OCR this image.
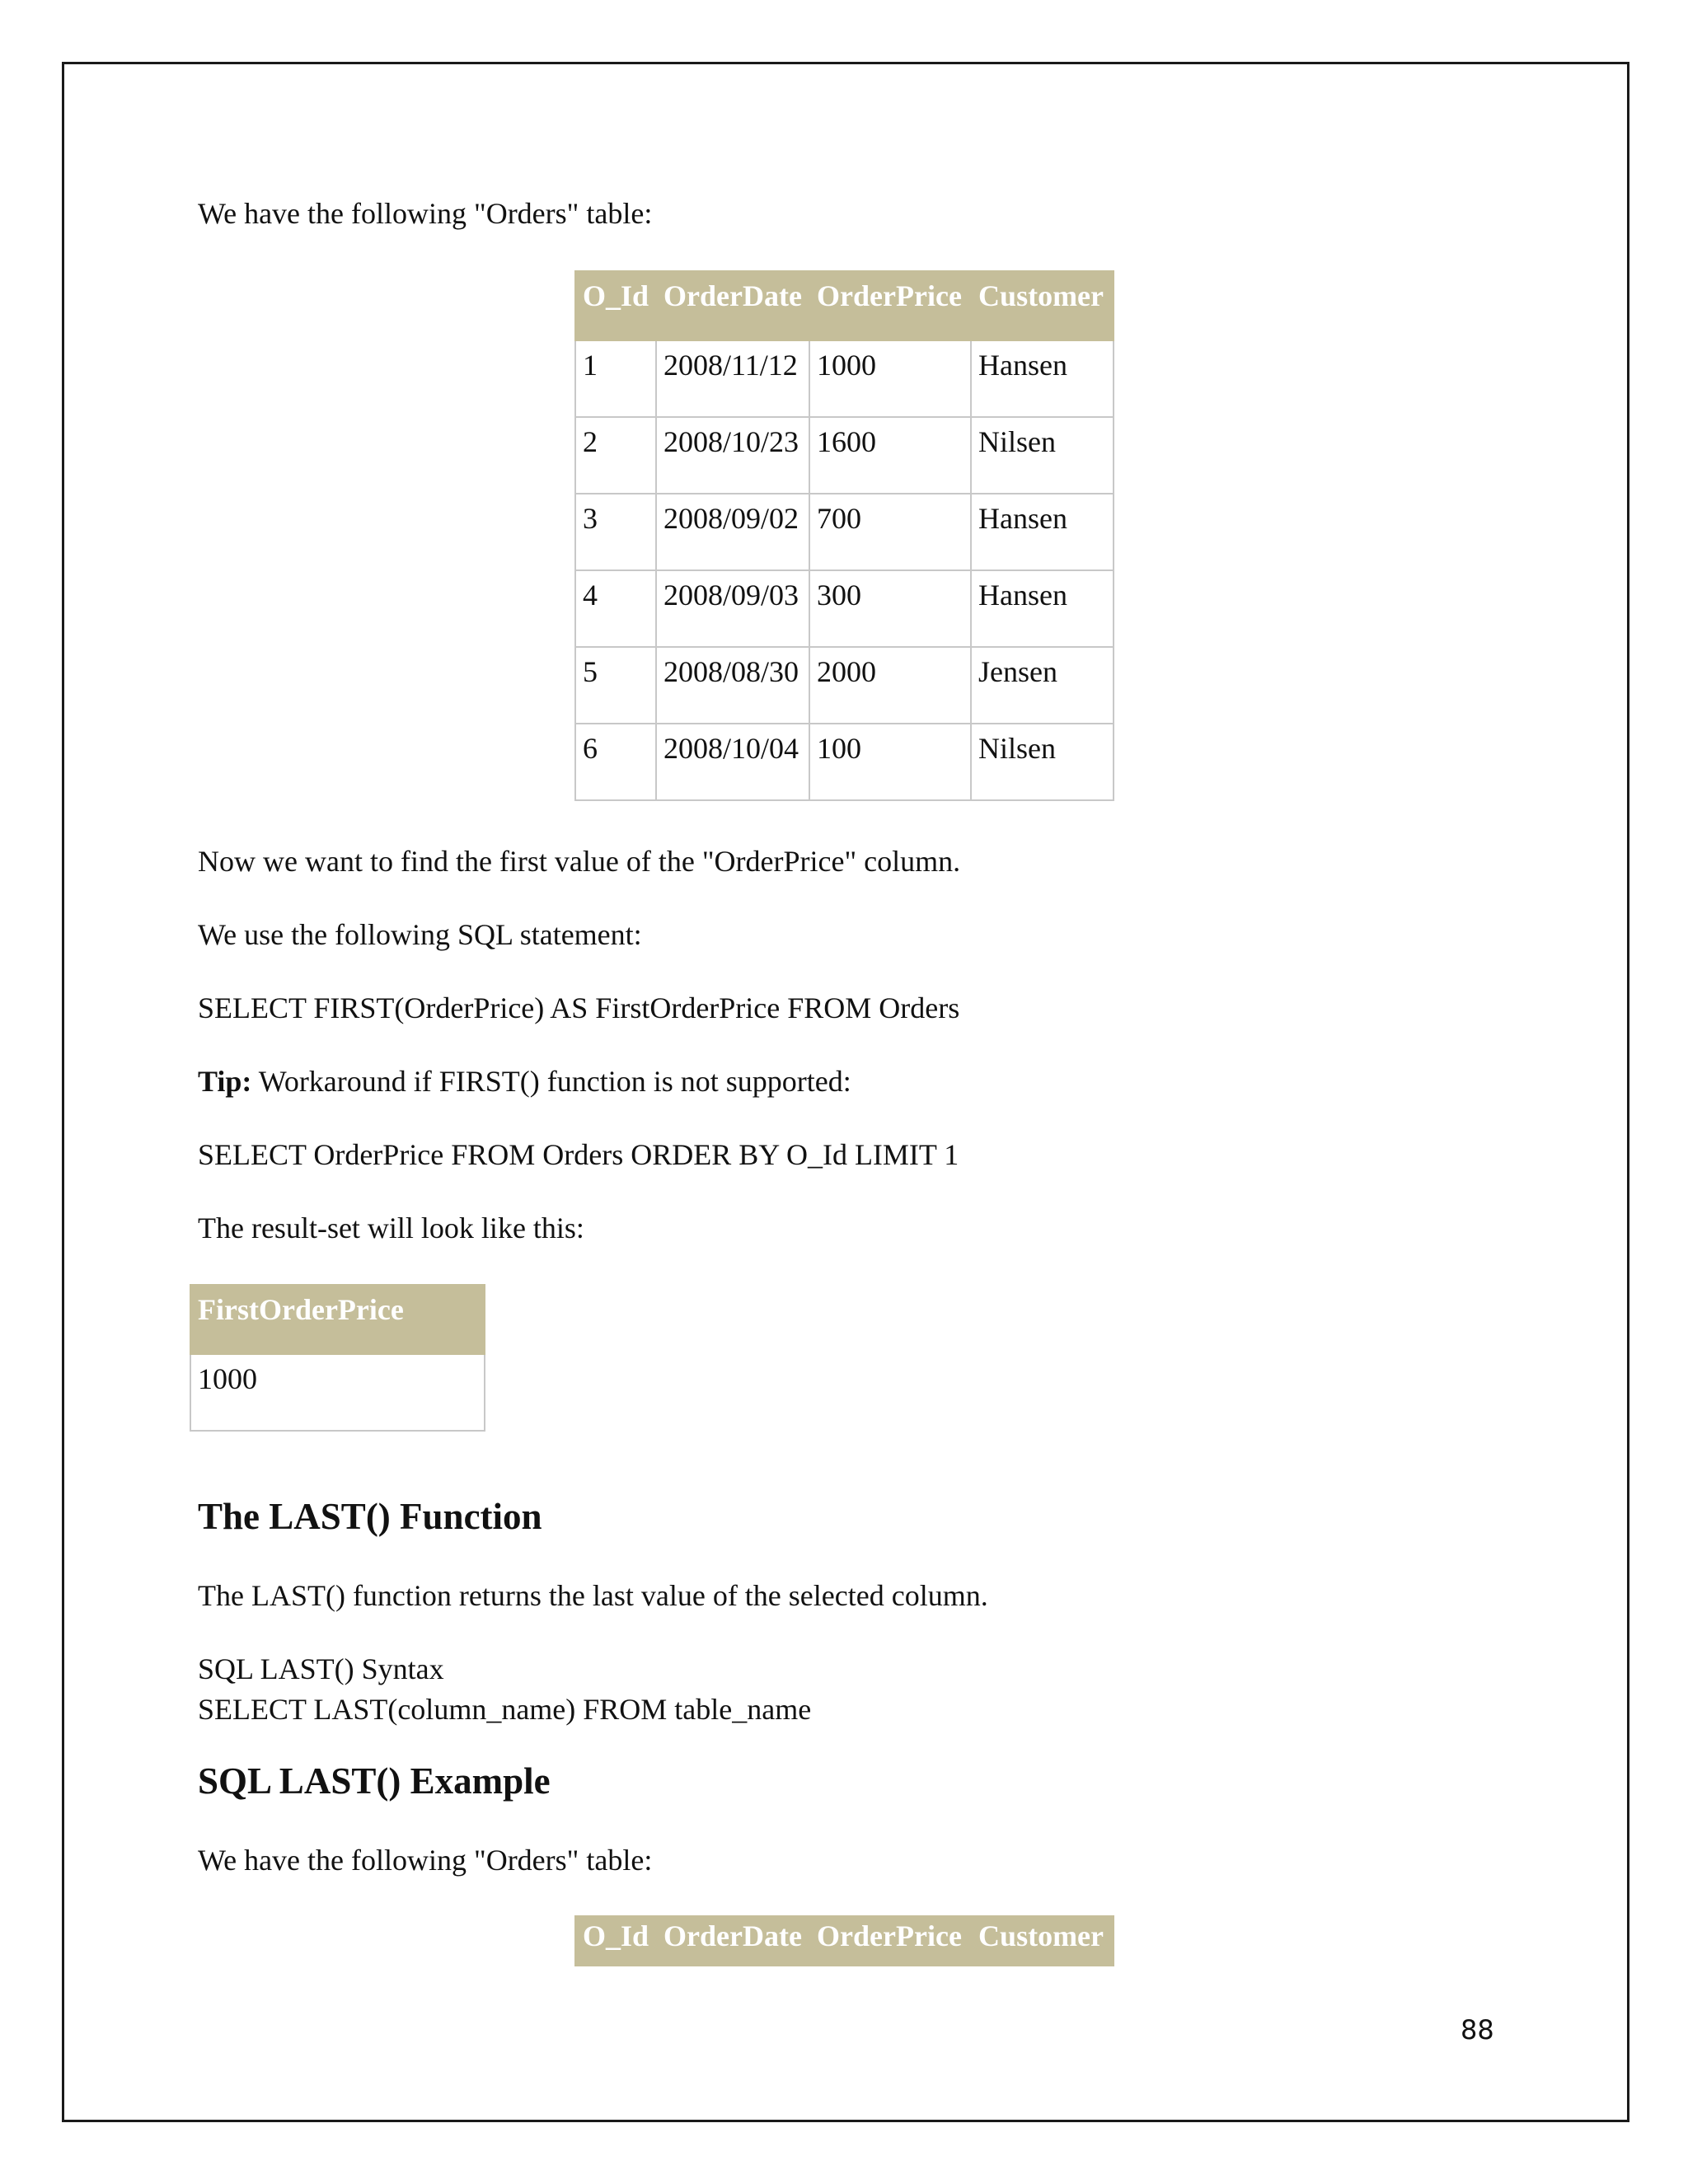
We have the following "Orders" table:

O_Id	OrderDate	OrderPrice	Customer
1	2008/11/12	1000	Hansen
2	2008/10/23	1600	Nilsen
3	2008/09/02	700	Hansen
4	2008/09/03	300	Hansen
5	2008/08/30	2000	Jensen
6	2008/10/04	100	Nilsen

Now we want to find the first value of the "OrderPrice" column.

We use the following SQL statement:

SELECT FIRST(OrderPrice) AS FirstOrderPrice FROM Orders

Tip: Workaround if FIRST() function is not supported:

SELECT OrderPrice FROM Orders ORDER BY O_Id LIMIT 1

The result-set will look like this:

FirstOrderPrice
1000
The LAST() Function

The LAST() function returns the last value of the selected column.

SQL LAST() Syntax

SELECT LAST(column_name) FROM table_name

SQL LAST() Example

We have the following "Orders" table:

O_Id	OrderDate	OrderPrice	Customer

88
